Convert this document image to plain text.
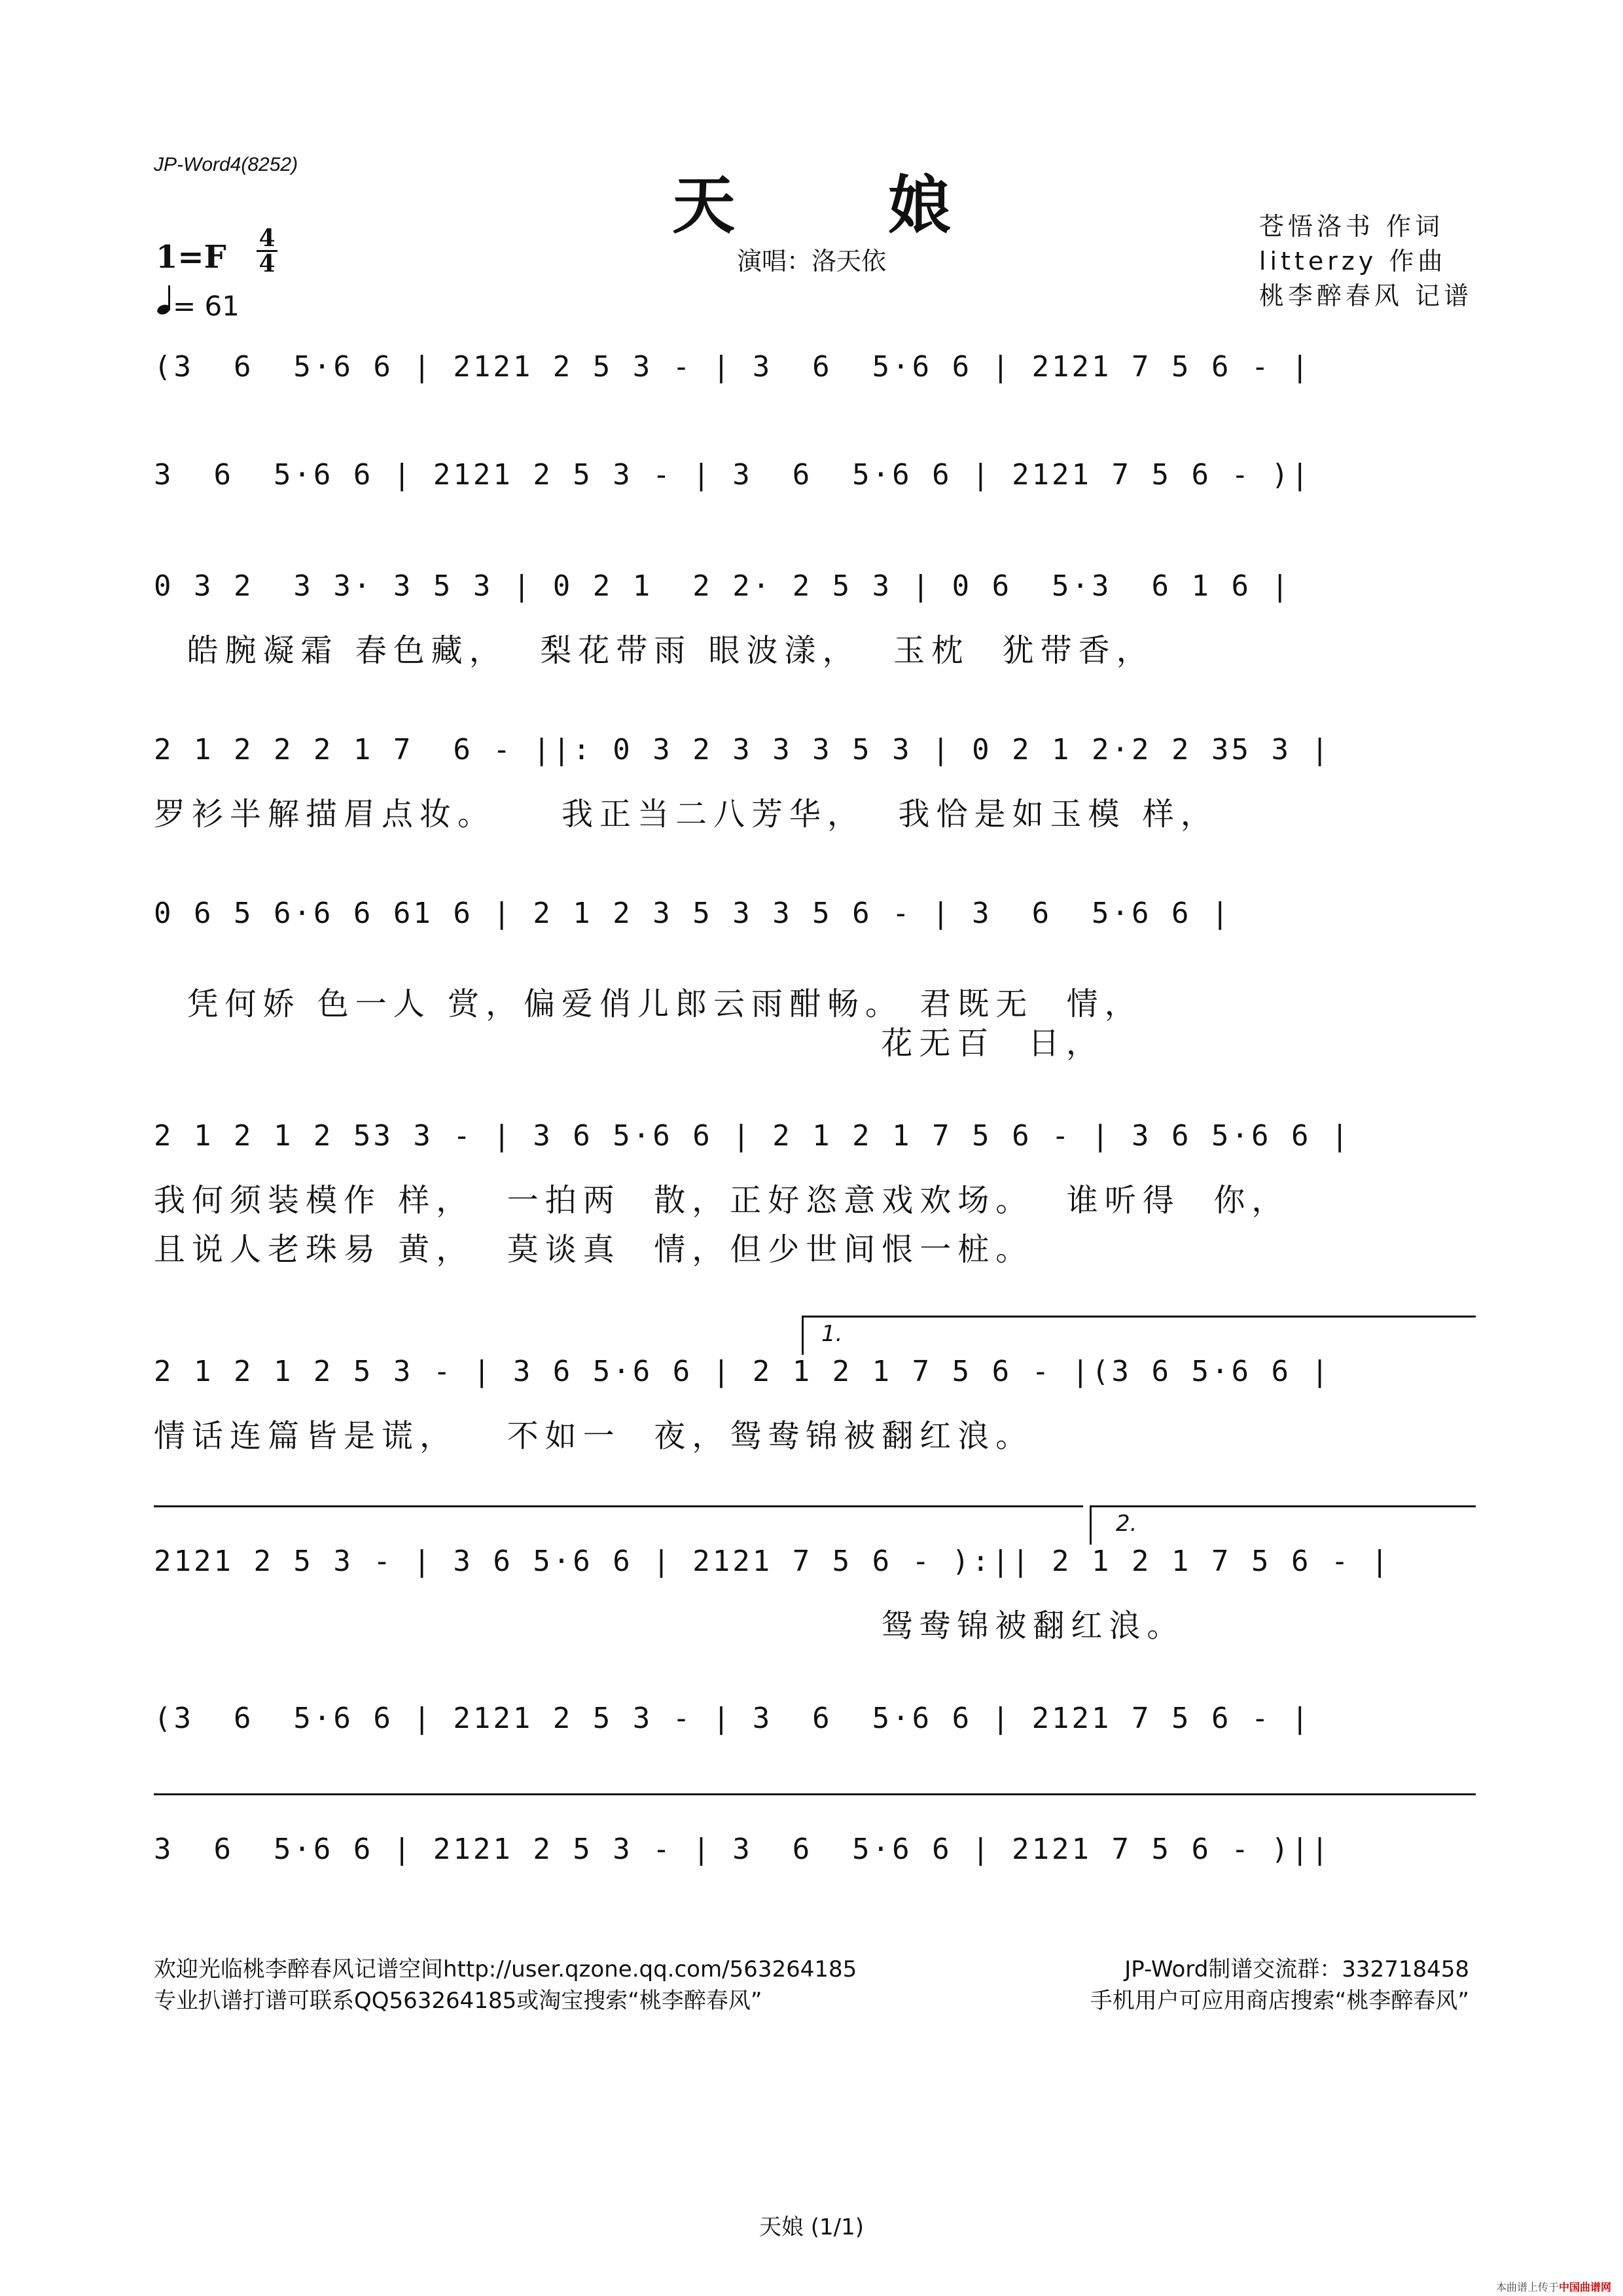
JP-Word4(8252)
天 娘
演唱：洛天依
苍悟洛书 作词
litterzy 作曲
桃李醉春风 记谱
1=F
4
4
= 61
(3  6  5·6 6 | 2121 2 5 3 - | 3  6  5·6 6 | 2121 7 5 6 - |
3  6  5·6 6 | 2121 2 5 3 - | 3  6  5·6 6 | 2121 7 5 6 - )|
0 3 2  3 3· 3 5 3 | 0 2 1  2 2· 2 5 3 | 0 6  5·3  6 1 6 |
皓腕凝霜 春色藏，  梨花带雨 眼波漾，  玉枕  犹带香，
2 1 2 2 2 1 7  6 - ||: 0 3 2 3 3 3 5 3 | 0 2 1 2·2 2 35 3 |
罗衫半解描眉点妆。    我正当二八芳华，  我恰是如玉模 样，
0 6 5 6·6 6 61 6 | 2 1 2 3 5 3 3 5 6 - | 3  6  5·6 6 |
凭何娇 色一人 赏，偏爱俏儿郎云雨酣畅。 君既无  情，
花无百  日，
2 1 2 1 2 53 3 - | 3 6 5·6 6 | 2 1 2 1 7 5 6 - | 3 6 5·6 6 |
我何须装模作 样，  一拍两  散，正好恣意戏欢场。  谁听得  你，
且说人老珠易 黄，  莫谈真  情，但少世间恨一桩。
1.
2 1 2 1 2 5 3 - | 3 6 5·6 6 | 2 1 2 1 7 5 6 - |(3 6 5·6 6 |
情话连篇皆是谎，   不如一  夜，鸳鸯锦被翻红浪。
2.
2121 2 5 3 - | 3 6 5·6 6 | 2121 7 5 6 - ):|| 2 1 2 1 7 5 6 - |
鸳鸯锦被翻红浪。
(3  6  5·6 6 | 2121 2 5 3 - | 3  6  5·6 6 | 2121 7 5 6 - |
3  6  5·6 6 | 2121 2 5 3 - | 3  6  5·6 6 | 2121 7 5 6 - )||
欢迎光临桃李醉春风记谱空间http://user.qzone.qq.com/563264185	JP-Word制谱交流群：332718458
专业扒谱打谱可联系QQ563264185或淘宝搜索“桃李醉春风”	手机用户可应用商店搜索“桃李醉春风”
天娘 (1/1)
本曲谱上传于中国曲谱网
